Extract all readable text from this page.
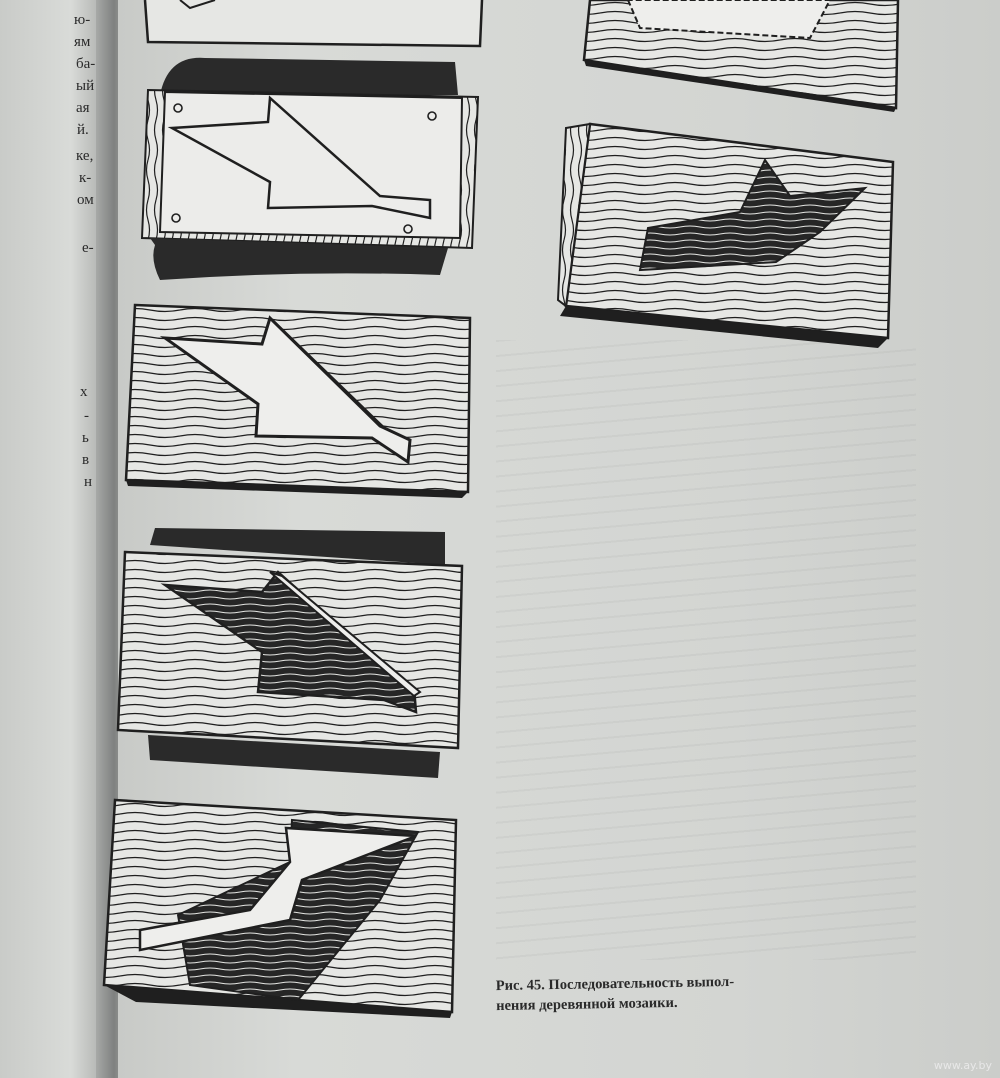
ю-
ям
ба-
ый
ая
й.
ке,
к-
ом
е-
х
-
ь
в
н
Рис. 45. Последовательность выпол-
нения деревянной мозаики.
www.ay.by
